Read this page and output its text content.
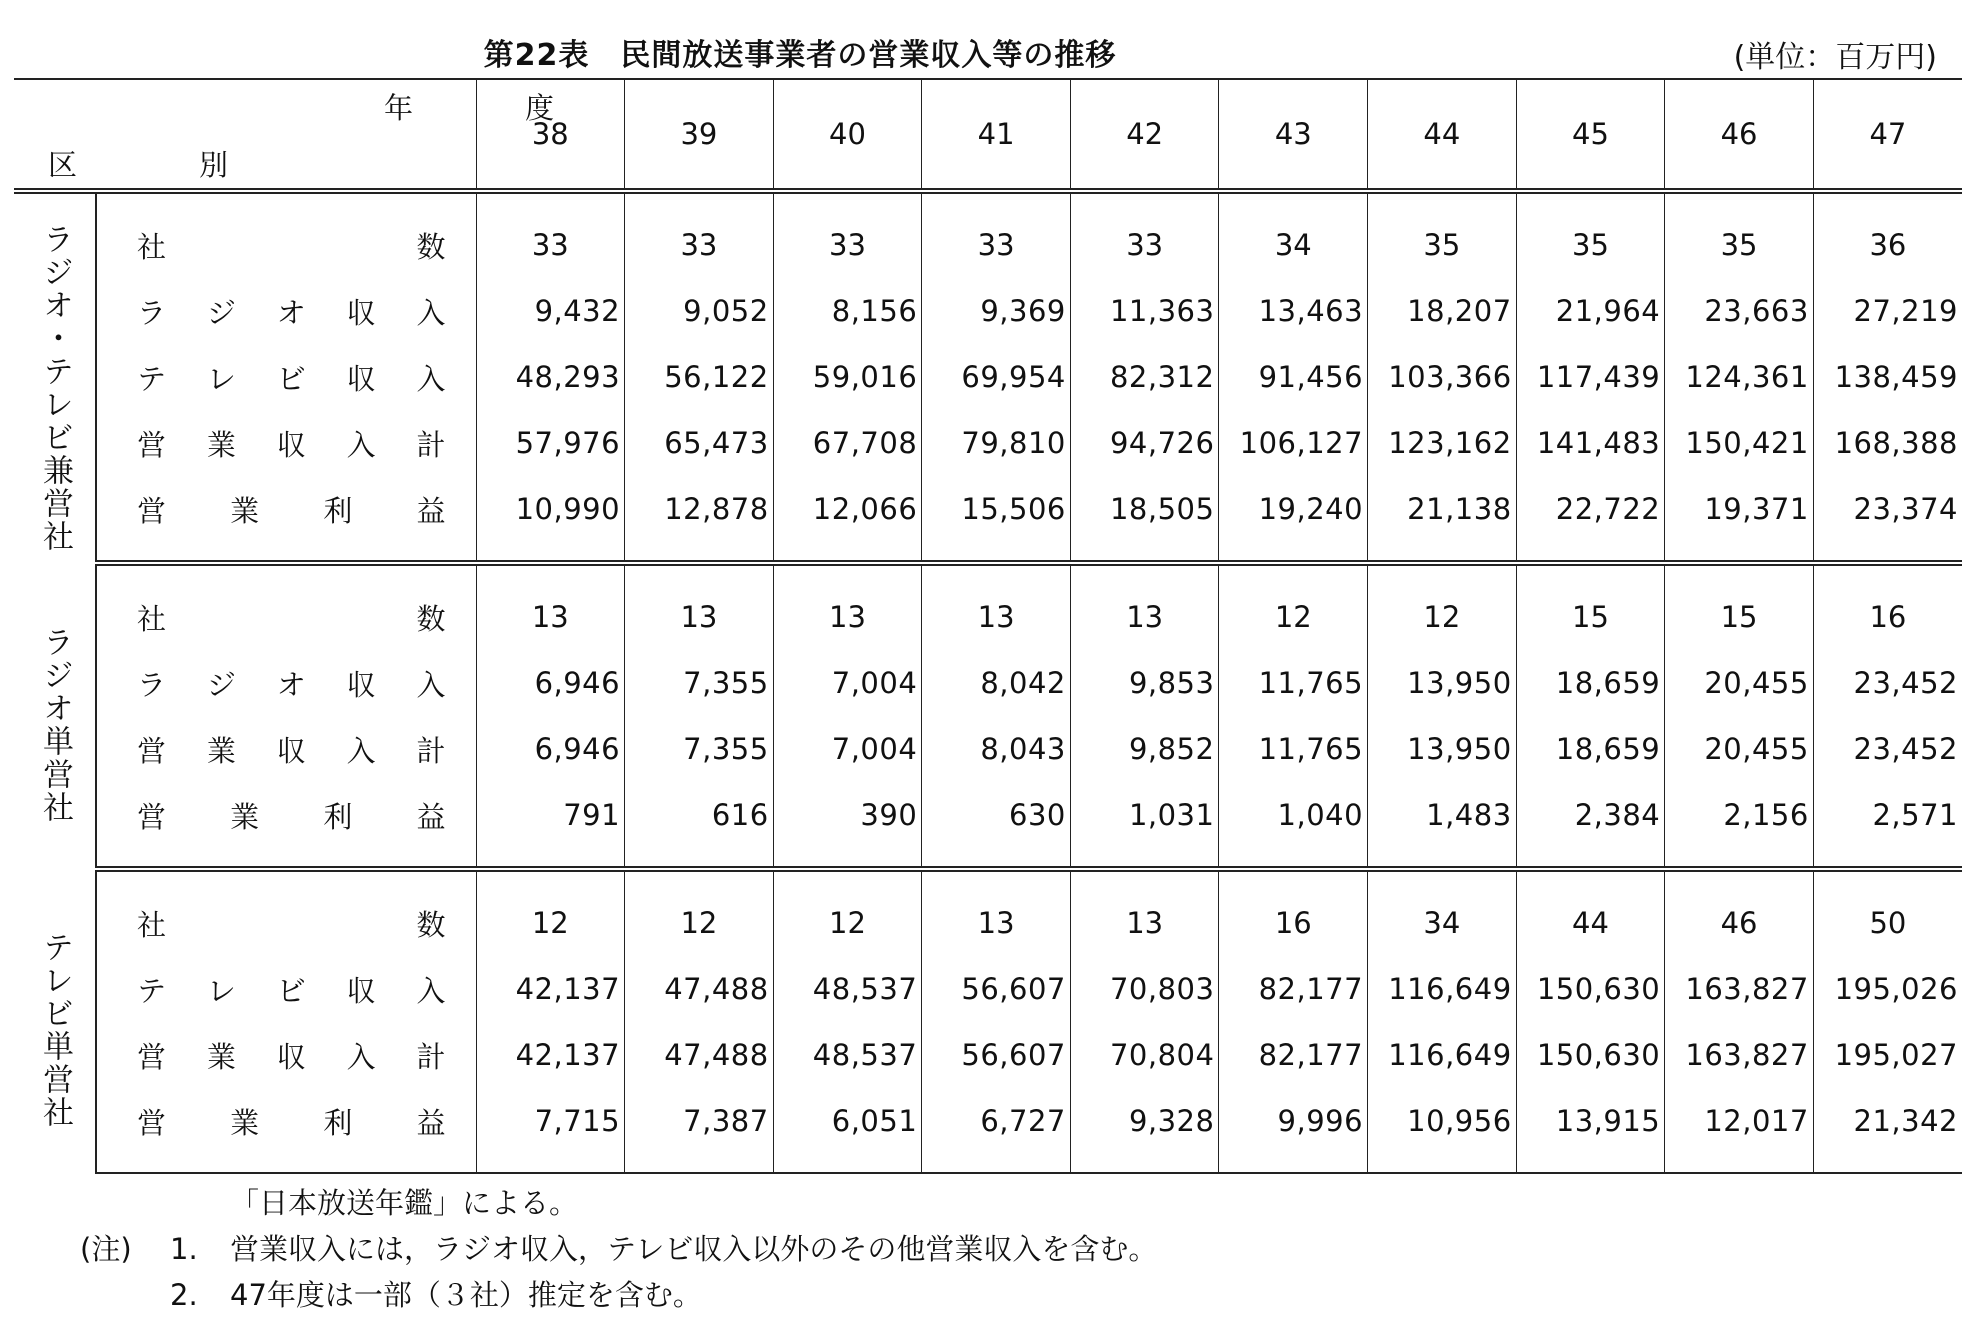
第22表　民間放送事業者の営業収入等の推移	(単位：百万円)
年 度
区 別		38	39	40	41	42	43	44	45	46	47
ラジオ・テレビ兼営社	社 数	33	33	33	33	33	34	35	35	35	36

	ラ ジ オ 収 入	9,432	9,052	8,156	9,369	11,363	13,463	18,207	21,964	23,663	27,219

	テ レ ビ 収 入	48,293	56,122	59,016	69,954	82,312	91,456	103,366	117,439	124,361	138,459

	営 業 収 入 計	57,976	65,473	67,708	79,810	94,726	106,127	123,162	141,483	150,421	168,388

	営 業 利 益	10,990	12,878	12,066	15,506	18,505	19,240	21,138	22,722	19,371	23,374
ラジオ単営社	社 数	13	13	13	13	13	12	12	15	15	16

	ラ ジ オ 収 入	6,946	7,355	7,004	8,042	9,853	11,765	13,950	18,659	20,455	23,452

	営 業 収 入 計	6,946	7,355	7,004	8,043	9,852	11,765	13,950	18,659	20,455	23,452

	営 業 利 益	791	616	390	630	1,031	1,040	1,483	2,384	2,156	2,571
テレビ単営社	社 数	12	12	12	13	13	16	34	44	46	50

	テ レ ビ 収 入	42,137	47,488	48,537	56,607	70,803	82,177	116,649	150,630	163,827	195,026

	営 業 収 入 計	42,137	47,488	48,537	56,607	70,804	82,177	116,649	150,630	163,827	195,027

	営 業 利 益	7,715	7,387	6,051	6,727	9,328	9,996	10,956	13,915	12,017	21,342
「日本放送年鑑」による。
(注)	1.	営業収入には，ラジオ収入，テレビ収入以外のその他営業収入を含む。
2.	47年度は一部（３社）推定を含む。
